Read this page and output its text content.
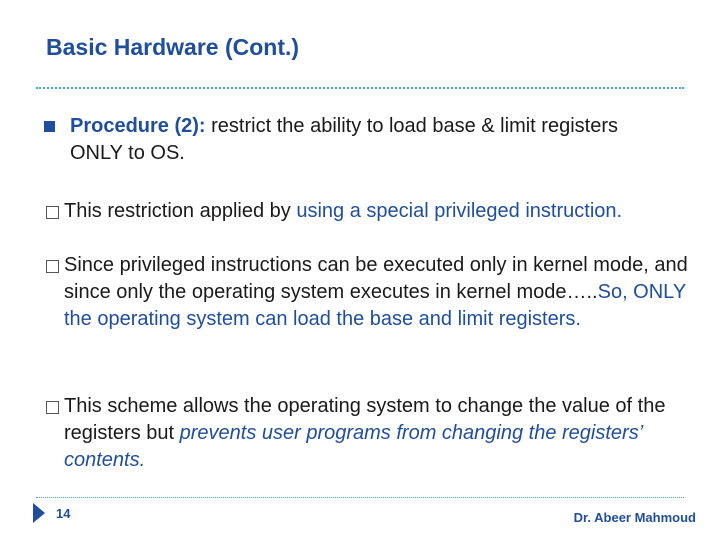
Basic Hardware (Cont.)
Procedure (2): restrict the ability to load base & limit registers ONLY to OS.
This restriction applied by using a special privileged instruction.
Since privileged instructions can be executed only in kernel mode, and since only the operating system executes in kernel mode…..So, ONLY the operating system can load the base and limit registers.
This scheme allows the operating system to change the value of the registers but prevents user programs from changing the registers’ contents.
14	Dr. Abeer Mahmoud
